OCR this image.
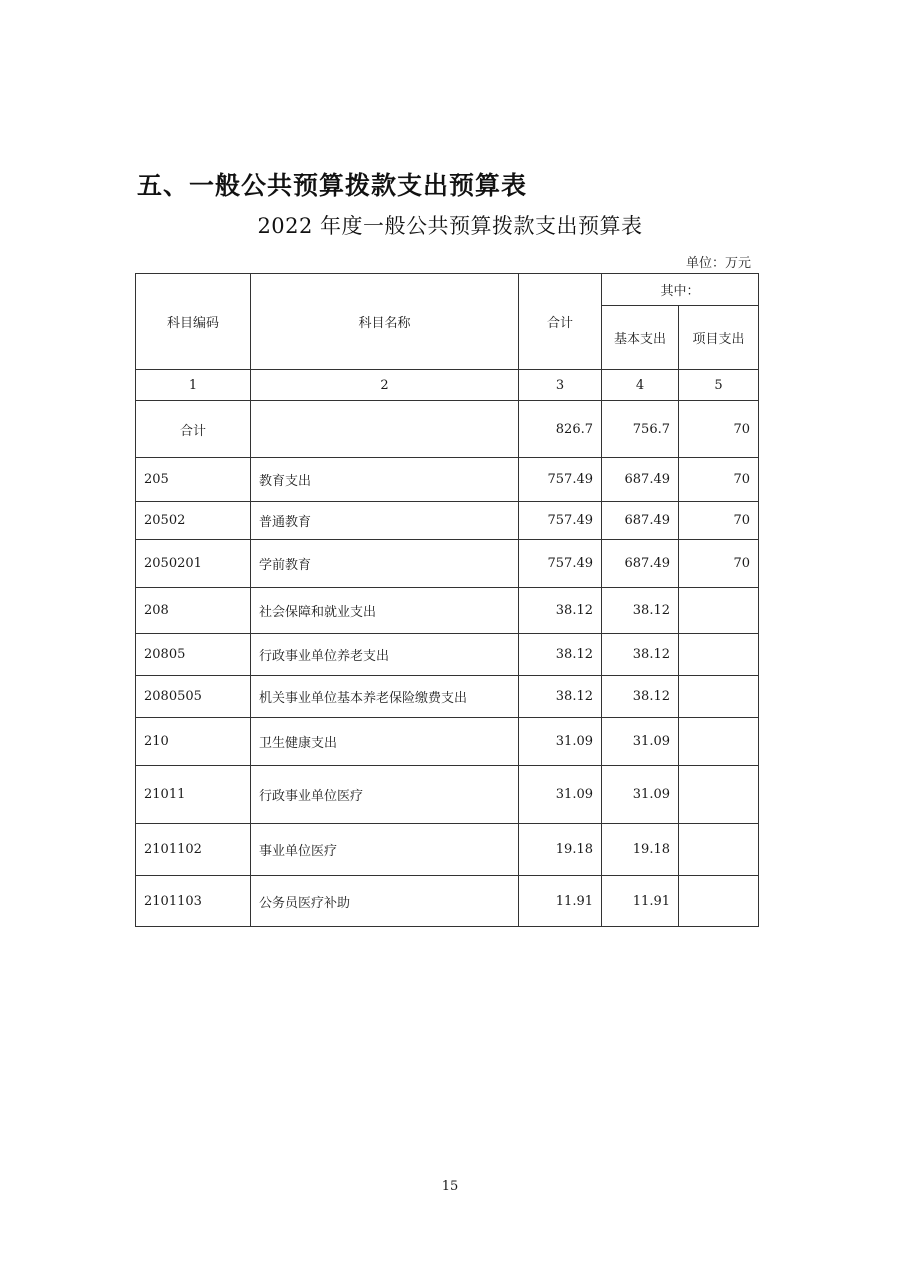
五、一般公共预算拨款支出预算表
2022 年度一般公共预算拨款支出预算表
单位：万元
科目编码	科目名称	合计	其中：	
			基本支出	项目支出
1	2	3	4	5
合计		826.7	756.7	70
205	教育支出	757.49	687.49	70
20502	普通教育	757.49	687.49	70
2050201	学前教育	757.49	687.49	70
208	社会保障和就业支出	38.12	38.12	
20805	行政事业单位养老支出	38.12	38.12	
2080505	机关事业单位基本养老保险缴费支出	38.12	38.12	
210	卫生健康支出	31.09	31.09	
21011	行政事业单位医疗	31.09	31.09	
2101102	事业单位医疗	19.18	19.18	
2101103	公务员医疗补助	11.91	11.91	
15
